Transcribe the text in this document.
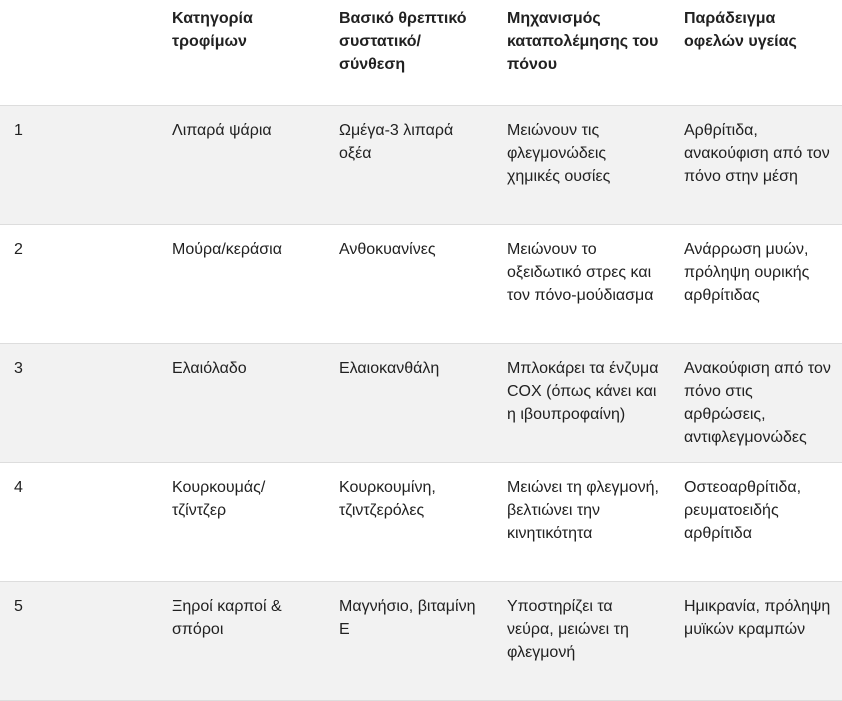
	Κατηγορία τροφίμων	Βασικό θρεπτικό συστατικό/ σύνθεση	Μηχανισμός καταπολέμησης του πόνου	Παράδειγμα οφελών υγείας
1	Λιπαρά ψάρια	Ωμέγα-3 λιπαρά οξέα	Μειώνουν τις φλεγμονώδεις χημικές ουσίες	Αρθρίτιδα, ανακούφιση από τον πόνο στην μέση
2	Μούρα/κεράσια	Ανθοκυανίνες	Μειώνουν το οξειδωτικό στρες και τον πόνο-μούδιασμα	Ανάρρωση μυών, πρόληψη ουρικής αρθρίτιδας
3	Ελαιόλαδο	Ελαιοκανθάλη	Μπλοκάρει τα ένζυμα COX (όπως κάνει και η ιβουπροφαίνη)	Ανακούφιση από τον πόνο στις αρθρώσεις, αντιφλεγμονώδες
4	Κουρκουμάς/ τζίντζερ	Κουρκουμίνη, τζιντζερόλες	Μειώνει τη φλεγμονή, βελτιώνει την κινητικότητα	Οστεοαρθρίτιδα, ρευματοειδής αρθρίτιδα
5	Ξηροί καρποί & σπόροι	Μαγνήσιο, βιταμίνη Ε	Υποστηρίζει τα νεύρα, μειώνει τη φλεγμονή	Ημικρανία, πρόληψη μυϊκών κραμπών
